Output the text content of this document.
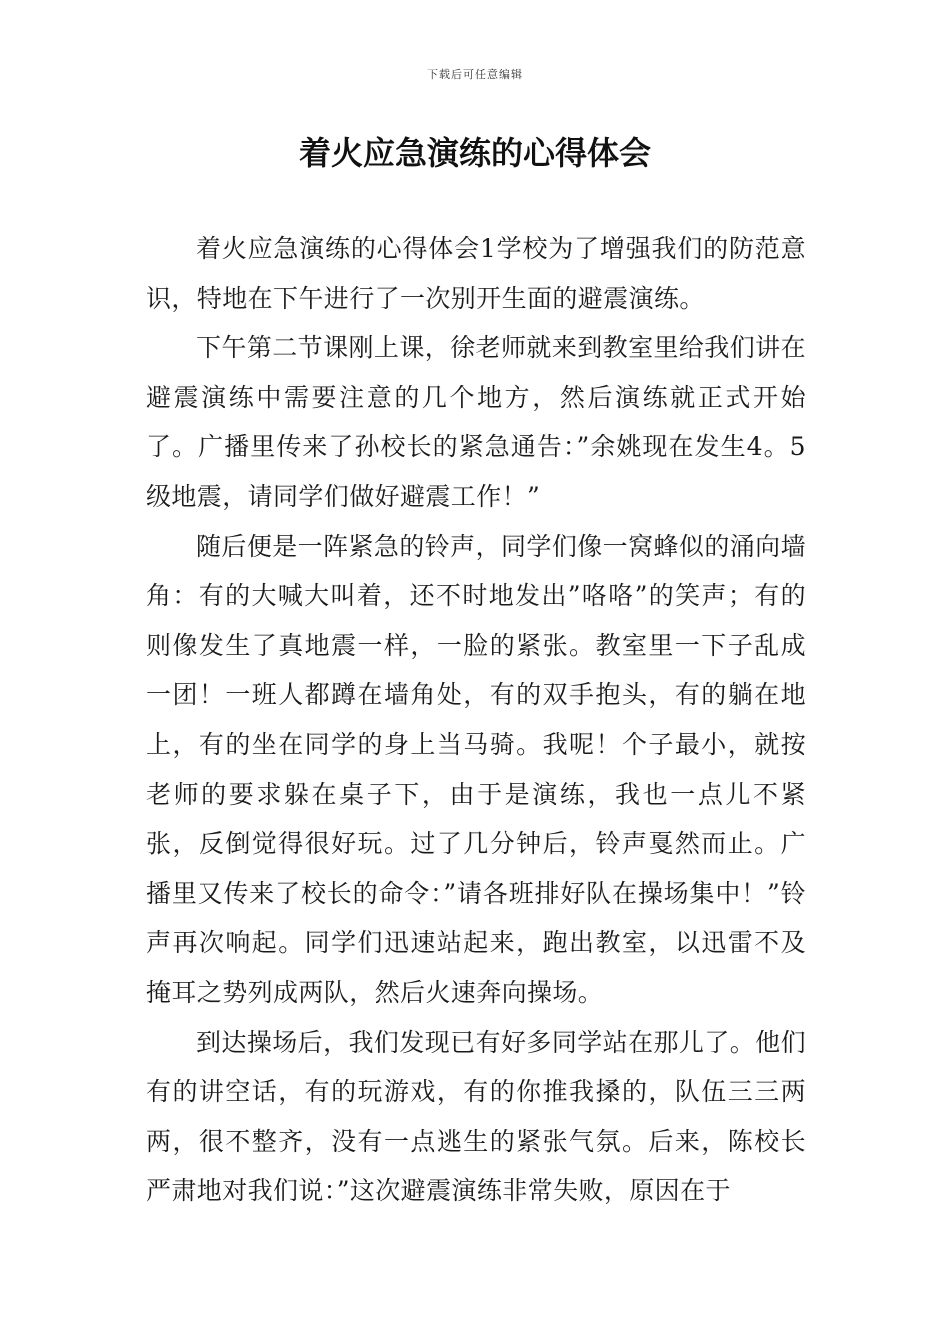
下载后可任意编辑
着火应急演练的心得体会

着火应急演练的心得体会1学校为了增强我们的防范意识，特地在下午进行了一次别开生面的避震演练。

下午第二节课刚上课，徐老师就来到教室里给我们讲在避震演练中需要注意的几个地方，然后演练就正式开始了。广播里传来了孙校长的紧急通告：”余姚现在发生4。5级地震，请同学们做好避震工作！”

随后便是一阵紧急的铃声，同学们像一窝蜂似的涌向墙角：有的大喊大叫着，还不时地发出”咯咯”的笑声；有的则像发生了真地震一样，一脸的紧张。教室里一下子乱成一团！一班人都蹲在墙角处，有的双手抱头，有的躺在地上，有的坐在同学的身上当马骑。我呢！个子最小，就按老师的要求躲在桌子下，由于是演练，我也一点儿不紧张，反倒觉得很好玩。过了几分钟后，铃声戛然而止。广播里又传来了校长的命令：”请各班排好队在操场集中！”铃声再次响起。同学们迅速站起来，跑出教室，以迅雷不及掩耳之势列成两队，然后火速奔向操场。

到达操场后，我们发现已有好多同学站在那儿了。他们有的讲空话，有的玩游戏，有的你推我搡的，队伍三三两两，很不整齐，没有一点逃生的紧张气氛。后来，陈校长严肃地对我们说：”这次避震演练非常失败，原因在于
